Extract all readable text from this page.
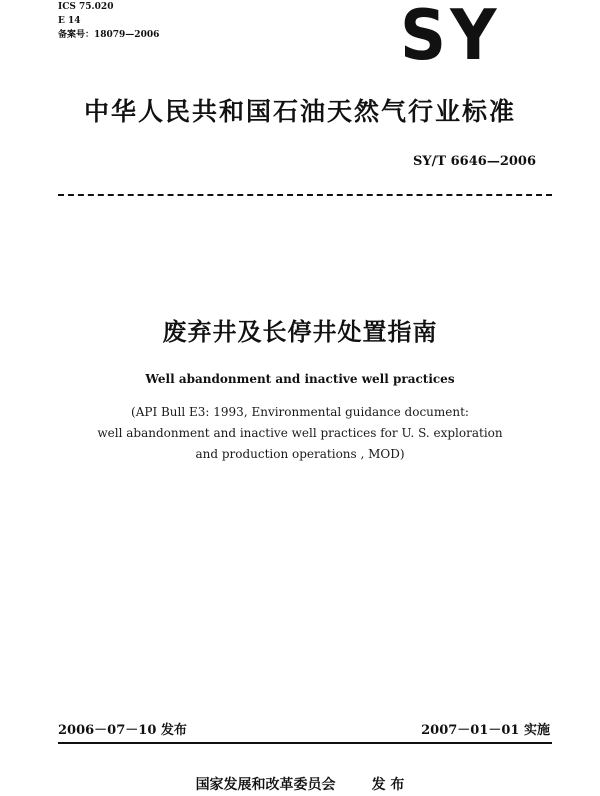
ICS 75.020
E 14
备案号：18079—2006	SY
中华人民共和国石油天然气行业标准
SY/T 6646—2006
废弃井及长停井处置指南
Well abandonment and inactive well practices
(API Bull E3: 1993, Environmental guidance document:
well abandonment and inactive well practices for U. S. exploration
and production operations , MOD)
2006－07－10 发布	2007－01－01 实施
国家发展和改革委员会	发 布
